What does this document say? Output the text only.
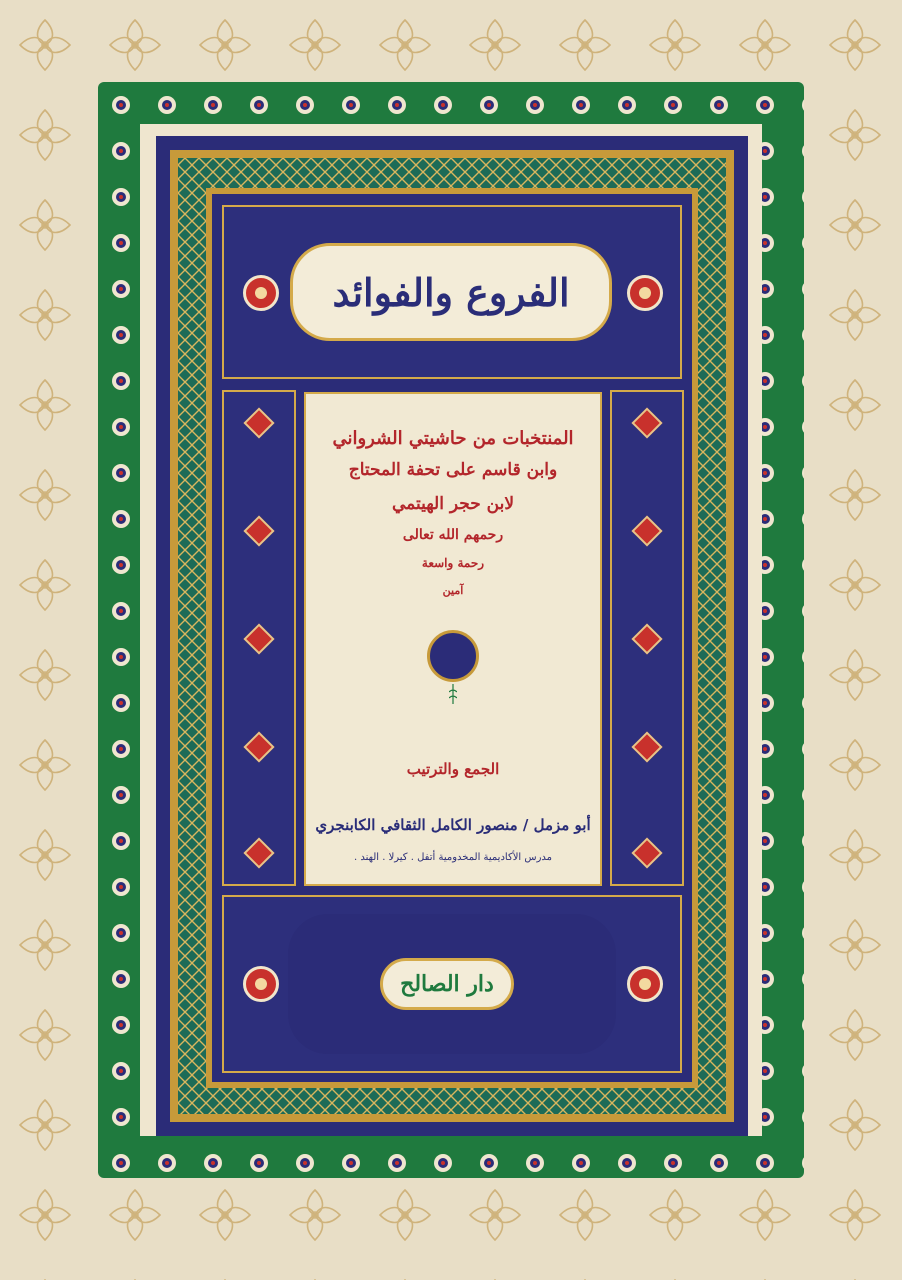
الفروع والفوائد
المنتخبات من حاشيتي الشرواني
وابن قاسم على تحفة المحتاج
لابن حجر الهيتمي
رحمهم الله تعالى
رحمة واسعة
آمين
الجمع والترتيب
أبو مزمل / منصور الكامل الثقافي الكابنجري
مدرس الأكاديمية المخدومية أتفل . كيرلا . الهند .
دار الصالح
